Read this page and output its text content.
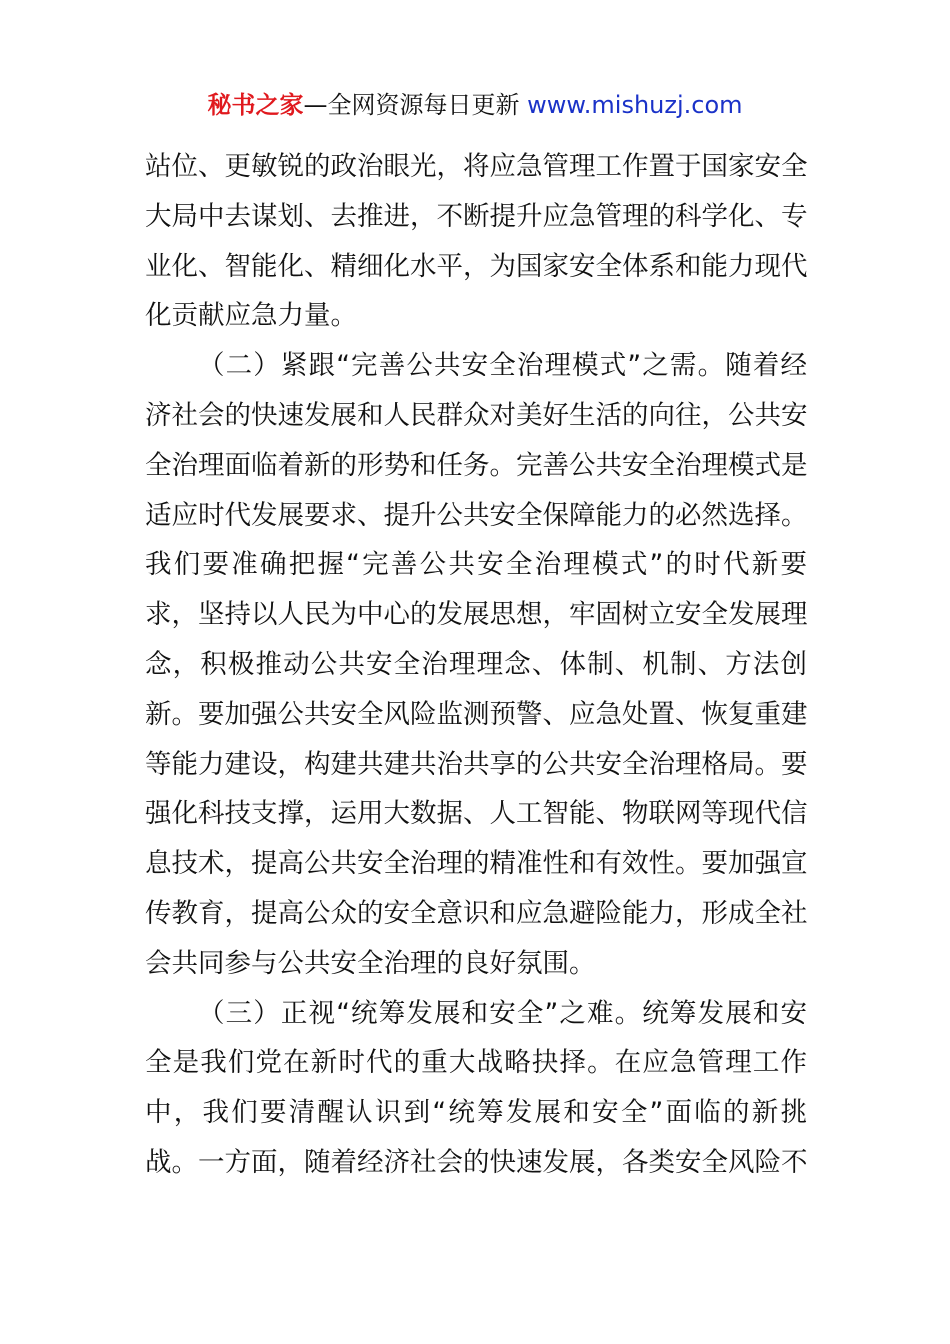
秘书之家—全网资源每日更新 www.mishuzj.com
站位、更敏锐的政治眼光，将应急管理工作置于国家安全
大局中去谋划、去推进，不断提升应急管理的科学化、专
业化、智能化、精细化水平，为国家安全体系和能力现代
化贡献应急力量。
（二）紧跟“完善公共安全治理模式”之需。随着经
济社会的快速发展和人民群众对美好生活的向往，公共安
全治理面临着新的形势和任务。完善公共安全治理模式是
适应时代发展要求、提升公共安全保障能力的必然选择。
我们要准确把握“完善公共安全治理模式”的时代新要
求，坚持以人民为中心的发展思想，牢固树立安全发展理
念，积极推动公共安全治理理念、体制、机制、方法创
新。要加强公共安全风险监测预警、应急处置、恢复重建
等能力建设，构建共建共治共享的公共安全治理格局。要
强化科技支撑，运用大数据、人工智能、物联网等现代信
息技术，提高公共安全治理的精准性和有效性。要加强宣
传教育，提高公众的安全意识和应急避险能力，形成全社
会共同参与公共安全治理的良好氛围。
（三）正视“统筹发展和安全”之难。统筹发展和安
全是我们党在新时代的重大战略抉择。在应急管理工作
中，我们要清醒认识到“统筹发展和安全”面临的新挑
战。一方面，随着经济社会的快速发展，各类安全风险不
